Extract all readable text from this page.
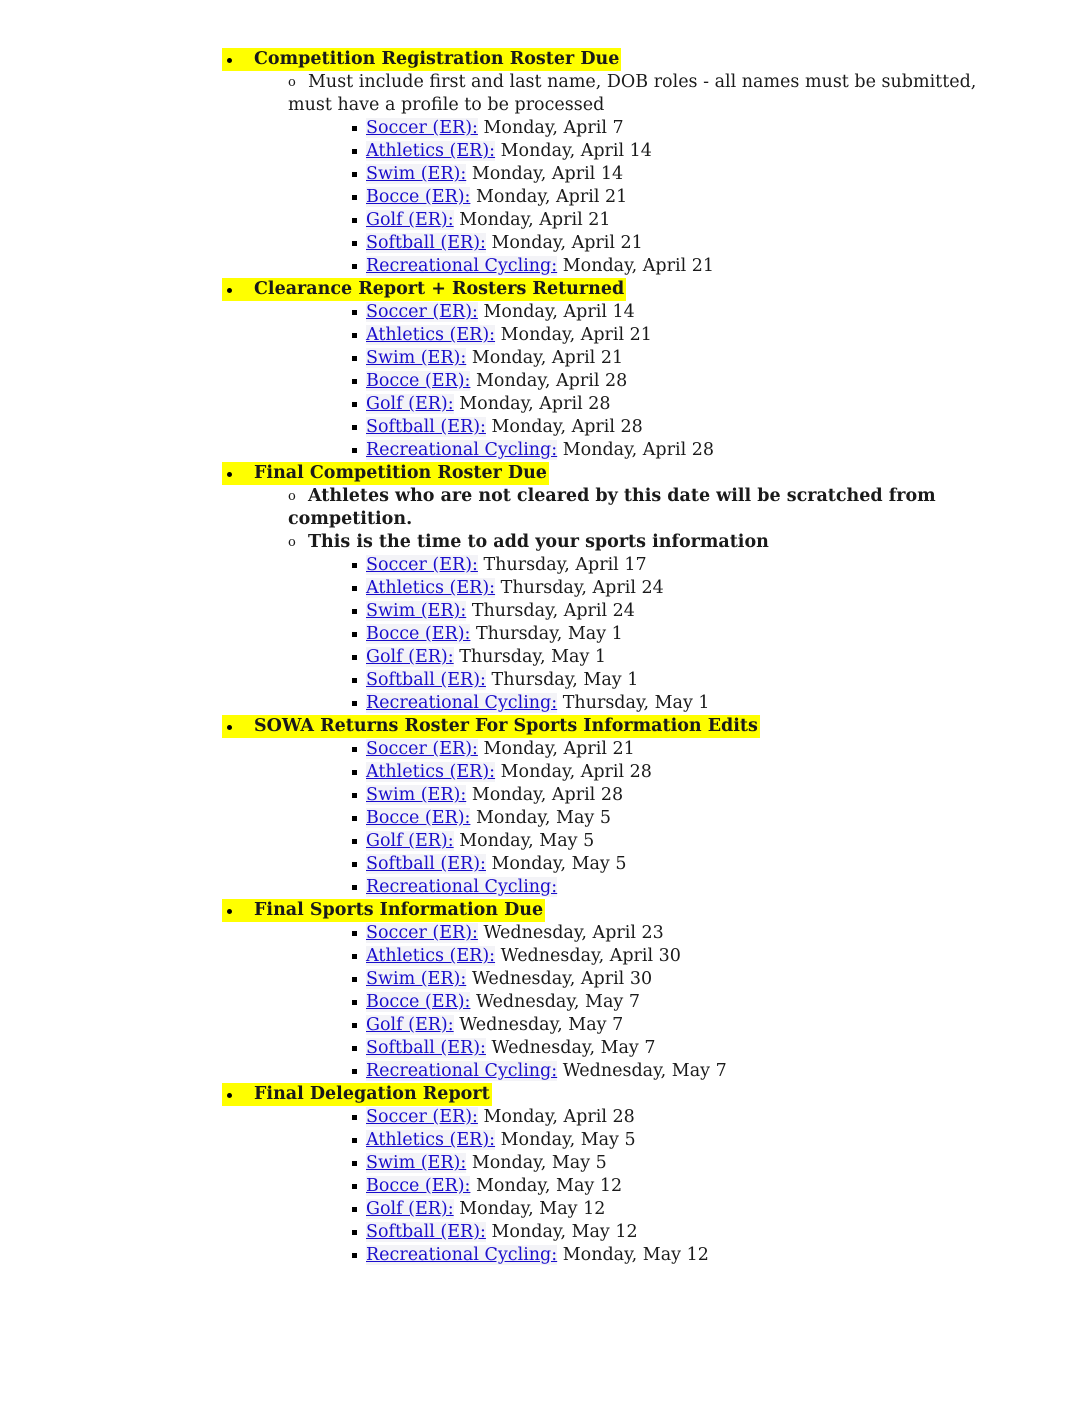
Competition Registration Roster Due
o Must include first and last name, DOB roles - all names must be submitted,
must have a profile to be processed
Soccer (ER): Monday, April 7
Athletics (ER): Monday, April 14
Swim (ER): Monday, April 14
Bocce (ER): Monday, April 21
Golf (ER): Monday, April 21
Softball (ER): Monday, April 21
Recreational Cycling: Monday, April 21
Clearance Report + Rosters Returned
Soccer (ER): Monday, April 14
Athletics (ER): Monday, April 21
Swim (ER): Monday, April 21
Bocce (ER): Monday, April 28
Golf (ER): Monday, April 28
Softball (ER): Monday, April 28
Recreational Cycling: Monday, April 28
Final Competition Roster Due
o Athletes who are not cleared by this date will be scratched from
competition.
o This is the time to add your sports information
Soccer (ER): Thursday, April 17
Athletics (ER): Thursday, April 24
Swim (ER): Thursday, April 24
Bocce (ER): Thursday, May 1
Golf (ER): Thursday, May 1
Softball (ER): Thursday, May 1
Recreational Cycling: Thursday, May 1
SOWA Returns Roster For Sports Information Edits
Soccer (ER): Monday, April 21
Athletics (ER): Monday, April 28
Swim (ER): Monday, April 28
Bocce (ER): Monday, May 5
Golf (ER): Monday, May 5
Softball (ER): Monday, May 5
Recreational Cycling:
Final Sports Information Due
Soccer (ER): Wednesday, April 23
Athletics (ER): Wednesday, April 30
Swim (ER): Wednesday, April 30
Bocce (ER): Wednesday, May 7
Golf (ER): Wednesday, May 7
Softball (ER): Wednesday, May 7
Recreational Cycling: Wednesday, May 7
Final Delegation Report
Soccer (ER): Monday, April 28
Athletics (ER): Monday, May 5
Swim (ER): Monday, May 5
Bocce (ER): Monday, May 12
Golf (ER): Monday, May 12
Softball (ER): Monday, May 12
Recreational Cycling: Monday, May 12
